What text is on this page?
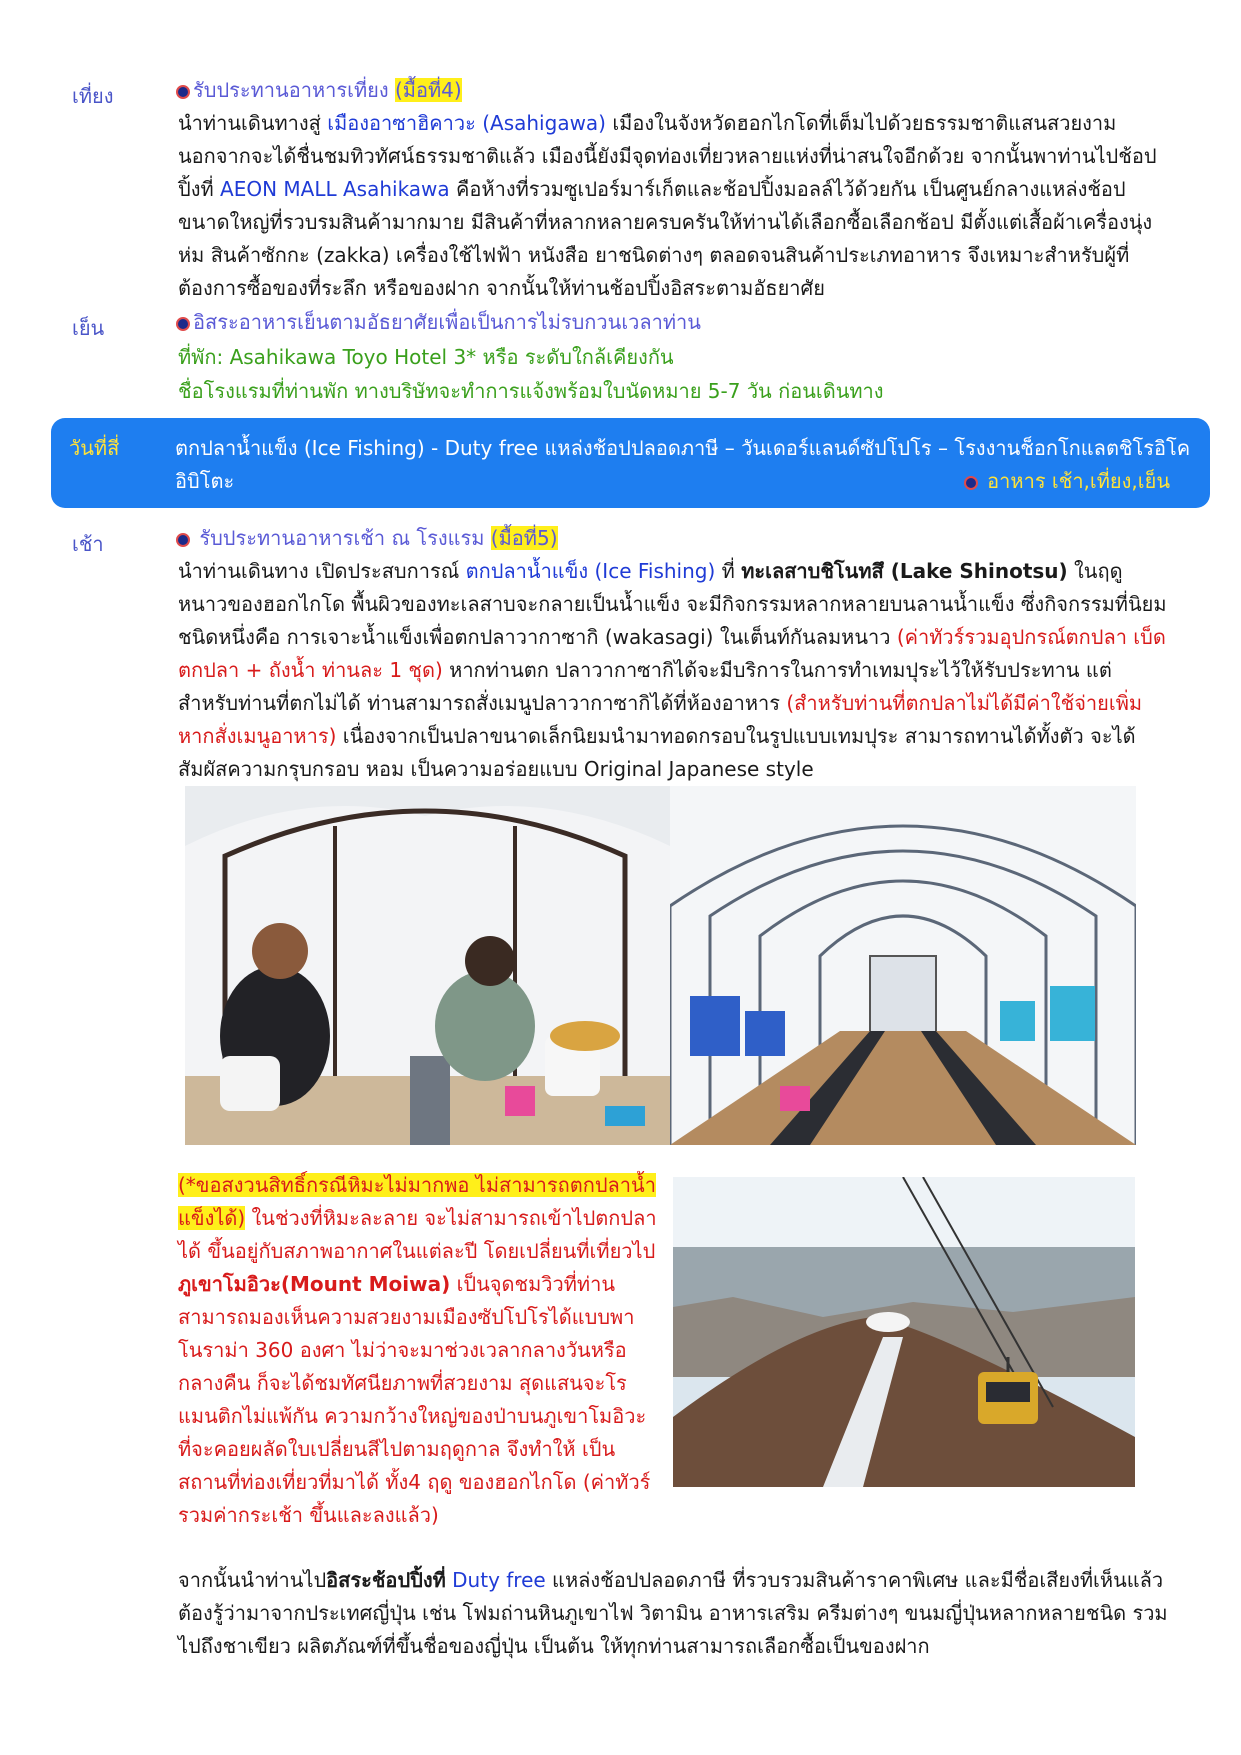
เที่ยง	รับประทานอาหารเที่ยง (มื้อที่4)

นำท่านเดินทางสู่ เมืองอาซาฮิคาวะ (Asahigawa) เมืองในจังหวัดฮอกไกโดที่เต็มไปด้วยธรรมชาติแสนสวยงาม นอกจากจะได้ชื่นชมทิวทัศน์ธรรมชาติแล้ว เมืองนี้ยังมีจุดท่องเที่ยวหลายแห่งที่น่าสนใจอีกด้วย จากนั้นพาท่านไปช้อปปิ้งที่ AEON MALL Asahikawa คือห้างที่รวมซูเปอร์มาร์เก็ตและช้อปปิ้งมอลล์ไว้ด้วยกัน เป็นศูนย์กลางแหล่งช้อปขนาดใหญ่ที่รวบรมสินค้ามากมาย มีสินค้าที่หลากหลายครบครันให้ท่านได้เลือกซื้อเลือกช้อป มีตั้งแต่เสื้อผ้าเครื่องนุ่งห่ม สินค้าซักกะ (zakka) เครื่องใช้ไฟฟ้า หนังสือ ยาชนิดต่างๆ ตลอดจนสินค้าประเภทอาหาร จึงเหมาะสำหรับผู้ที่ต้องการซื้อของที่ระลึก หรือของฝาก จากนั้นให้ท่านช้อปปิ้งอิสระตามอัธยาศัย

เย็น	อิสระอาหารเย็นตามอัธยาศัยเพื่อเป็นการไม่รบกวนเวลาท่าน
ที่พัก: Asahikawa Toyo Hotel 3* หรือ ระดับใกล้เคียงกัน
ชื่อโรงแรมที่ท่านพัก ทางบริษัทจะทำการแจ้งพร้อมใบนัดหมาย 5-7 วัน ก่อนเดินทาง
วันที่สี่	ตกปลาน้ำแข็ง (Ice Fishing) - Duty free แหล่งช้อปปลอดภาษี – วันเดอร์แลนด์ซัปโปโร – โรงงานช็อกโกแลตชิโรอิโคอิบิโตะ	อาหาร เช้า,เที่ยง,เย็น
เช้า	รับประทานอาหารเช้า ณ โรงแรม (มื้อที่5)

นำท่านเดินทาง เปิดประสบการณ์ ตกปลาน้ำแข็ง (Ice Fishing) ที่ ทะเลสาบชิโนทสึ (Lake Shinotsu) ในฤดูหนาวของฮอกไกโด พื้นผิวของทะเลสาบจะกลายเป็นน้ำแข็ง จะมีกิจกรรมหลากหลายบนลานน้ำแข็ง ซึ่งกิจกรรมที่นิยมชนิดหนึ่งคือ การเจาะน้ำแข็งเพื่อตกปลาวากาซากิ (wakasagi) ในเต็นท์กันลมหนาว (ค่าทัวร์รวมอุปกรณ์ตกปลา เบ็ดตกปลา + ถังน้ำ ท่านละ 1 ชุด) หากท่านตก ปลาวากาซากิได้จะมีบริการในการทำเทมปุระไว้ให้รับประทาน แต่สำหรับท่านที่ตกไม่ได้ ท่านสามารถสั่งเมนูปลาวากาซากิได้ที่ห้องอาหาร (สำหรับท่านที่ตกปลาไม่ได้มีค่าใช้จ่ายเพิ่มหากสั่งเมนูอาหาร) เนื่องจากเป็นปลาขนาดเล็กนิยมนำมาทอดกรอบในรูปแบบเทมปุระ สามารถทานได้ทั้งตัว จะได้สัมผัสความกรุบกรอบ หอม เป็นความอร่อยแบบ Original Japanese style

(*ขอสงวนสิทธิ์กรณีหิมะไม่มากพอ ไม่สามารถตกปลาน้ำแข็งได้) ในช่วงที่หิมะละลาย จะไม่สามารถเข้าไปตกปลาได้ ขึ้นอยู่กับสภาพอากาศในแต่ละปี โดยเปลี่ยนที่เที่ยวไป ภูเขาโมอิวะ(Mount Moiwa) เป็นจุดชมวิวที่ท่านสามารถมองเห็นความสวยงามเมืองซัปโปโรได้แบบพาโนราม่า 360 องศา ไม่ว่าจะมาช่วงเวลากลางวันหรือกลางคืน ก็จะได้ชมทัศนียภาพที่สวยงาม สุดแสนจะโรแมนติกไม่แพ้กัน ความกว้างใหญ่ของป่าบนภูเขาโมอิวะ ที่จะคอยผลัดใบเปลี่ยนสีไปตามฤดูกาล จึงทำให้ เป็นสถานที่ท่องเที่ยวที่มาได้ ทั้ง4 ฤดู ของฮอกไกโด (ค่าทัวร์รวมค่ากระเช้า ขึ้นและลงแล้ว)

จากนั้นนำท่านไปอิสระช้อปปิ้งที่ Duty free แหล่งช้อปปลอดภาษี ที่รวบรวมสินค้าราคาพิเศษ และมีชื่อเสียงที่เห็นแล้วต้องรู้ว่ามาจากประเทศญี่ปุ่น เช่น โฟมถ่านหินภูเขาไฟ วิตามิน อาหารเสริม ครีมต่างๆ ขนมญี่ปุ่นหลากหลายชนิด รวมไปถึงชาเขียว ผลิตภัณฑ์ที่ขึ้นชื่อของญี่ปุ่น เป็นต้น ให้ทุกท่านสามารถเลือกซื้อเป็นของฝาก
